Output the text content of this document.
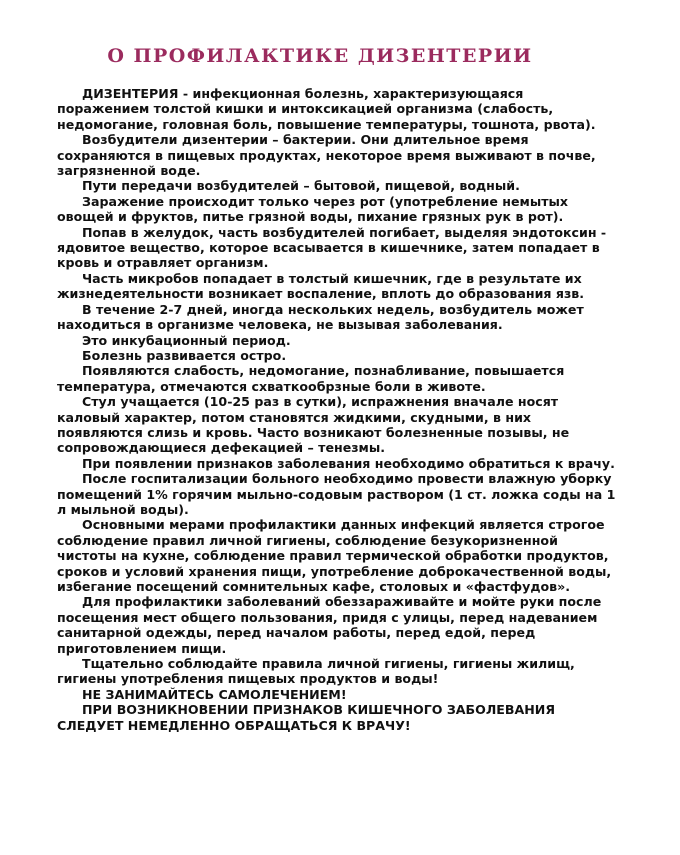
О ПРОФИЛАКТИКЕ ДИЗЕНТЕРИИ

ДИЗЕНТЕРИЯ - инфекционная болезнь, характеризующаяся поражением толстой кишки и интоксикацией организма (слабость, недомогание, головная боль, повышение температуры, тошнота, рвота).

Возбудители дизентерии – бактерии. Они длительное время сохраняются в пищевых продуктах, некоторое время выживают в почве, загрязненной воде.

Пути передачи возбудителей – бытовой, пищевой, водный.

Заражение происходит только через рот (употребление немытых овощей и фруктов, питье грязной воды, пихание грязных рук в рот).

Попав в желудок, часть возбудителей погибает, выделяя эндотоксин - ядовитое вещество, которое всасывается в кишечнике, затем попадает в кровь и отравляет организм.

Часть микробов попадает в толстый кишечник, где в результате их жизнедеятельности возникает воспаление, вплоть до образования язв.

В течение 2-7 дней, иногда нескольких недель, возбудитель может находиться в организме человека, не вызывая заболевания.

Это инкубационный период.

Болезнь развивается остро.

Появляются слабость, недомогание, познабливание, повышается температура, отмечаются схваткообрзные боли в животе.

Стул учащается (10-25 раз в сутки), испражнения вначале носят каловый характер, потом становятся жидкими, скудными, в них появляются слизь и кровь. Часто возникают болезненные позывы, не сопровождающиеся дефекацией – тенезмы.

При появлении признаков заболевания необходимо обратиться к врачу.

После госпитализации больного необходимо провести влажную уборку помещений 1% горячим мыльно-содовым раствором (1 ст. ложка соды на 1 л мыльной воды).

Основными мерами профилактики данных инфекций является строгое соблюдение правил личной гигиены, соблюдение безукоризненной чистоты на кухне, соблюдение правил термической обработки продуктов, сроков и условий хранения пищи, употребление доброкачественной воды, избегание посещений сомнительных кафе, столовых и «фастфудов».

Для профилактики заболеваний обеззараживайте и мойте руки после посещения мест общего пользования, придя с улицы, перед надеванием санитарной одежды, перед началом работы, перед едой, перед приготовлением пищи.

Тщательно соблюдайте правила личной гигиены, гигиены жилищ, гигиены употребления пищевых продуктов и воды!

НЕ ЗАНИМАЙТЕСЬ САМОЛЕЧЕНИЕМ!

ПРИ ВОЗНИКНОВЕНИИ ПРИЗНАКОВ КИШЕЧНОГО ЗАБОЛЕВАНИЯ СЛЕДУЕТ НЕМЕДЛЕННО ОБРАЩАТЬСЯ К ВРАЧУ!
